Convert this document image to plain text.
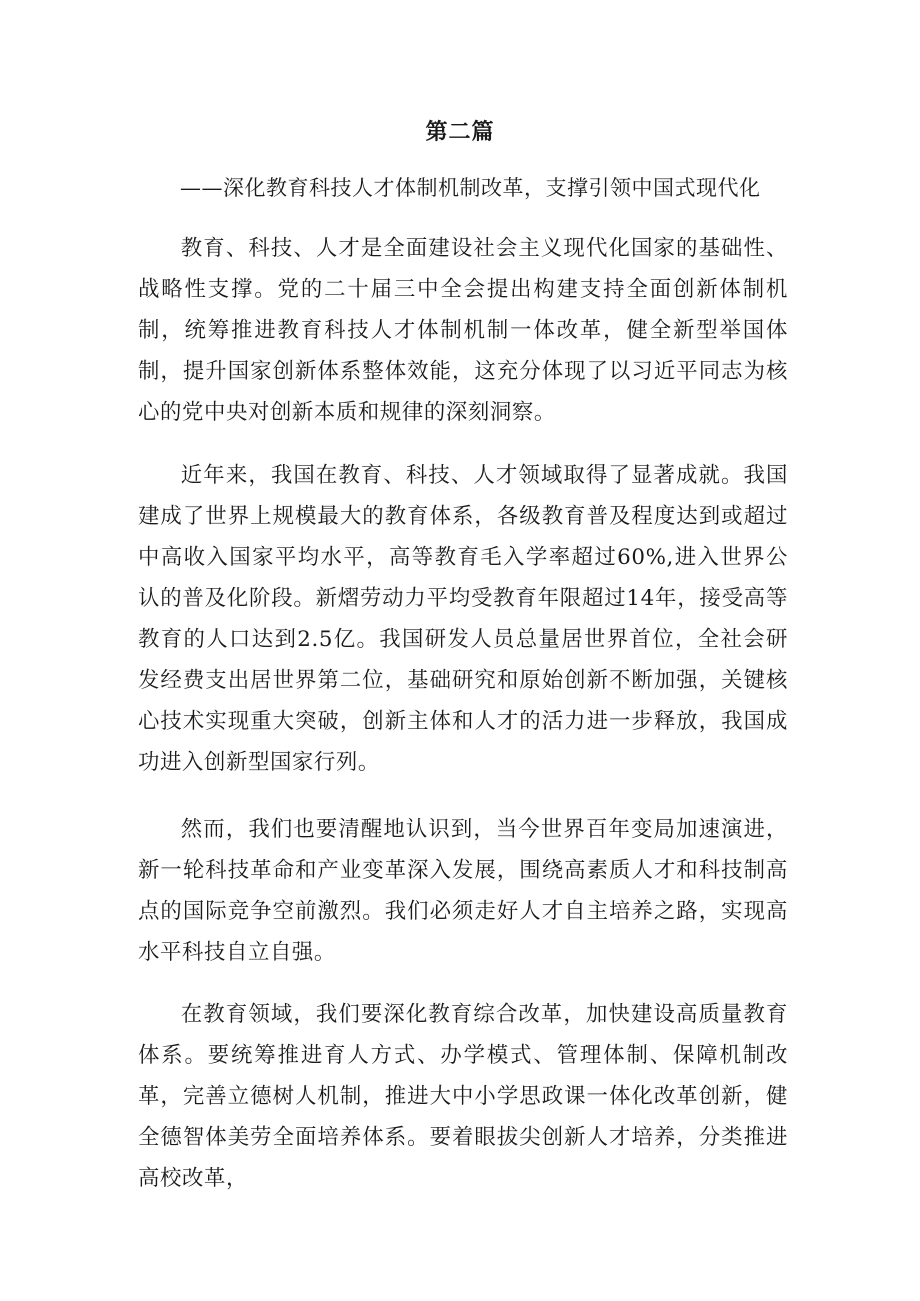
第二篇
——深化教育科技人才体制机制改革，支撑引领中国式现代化

教育、科技、人才是全面建设社会主义现代化国家的基础性、战略性支撑。党的二十届三中全会提出构建支持全面创新体制机制，统筹推进教育科技人才体制机制一体改革，健全新型举国体制，提升国家创新体系整体效能，这充分体现了以习近平同志为核心的党中央对创新本质和规律的深刻洞察。

近年来，我国在教育、科技、人才领域取得了显著成就。我国建成了世界上规模最大的教育体系，各级教育普及程度达到或超过中高收入国家平均水平，高等教育毛入学率超过60%,进入世界公认的普及化阶段。新熠劳动力平均受教育年限超过14年，接受高等教育的人口达到2.5亿。我国研发人员总量居世界首位，全社会研发经费支出居世界第二位，基础研究和原始创新不断加强，关键核心技术实现重大突破，创新主体和人才的活力进一步释放，我国成功进入创新型国家行列。

然而，我们也要清醒地认识到，当今世界百年变局加速演进，新一轮科技革命和产业变革深入发展，围绕高素质人才和科技制高点的国际竞争空前激烈。我们必须走好人才自主培养之路，实现高水平科技自立自强。

在教育领域，我们要深化教育综合改革，加快建设高质量教育体系。要统筹推进育人方式、办学模式、管理体制、保障机制改革，完善立德树人机制，推进大中小学思政课一体化改革创新，健全德智体美劳全面培养体系。要着眼拔尖创新人才培养，分类推进高校改革，
